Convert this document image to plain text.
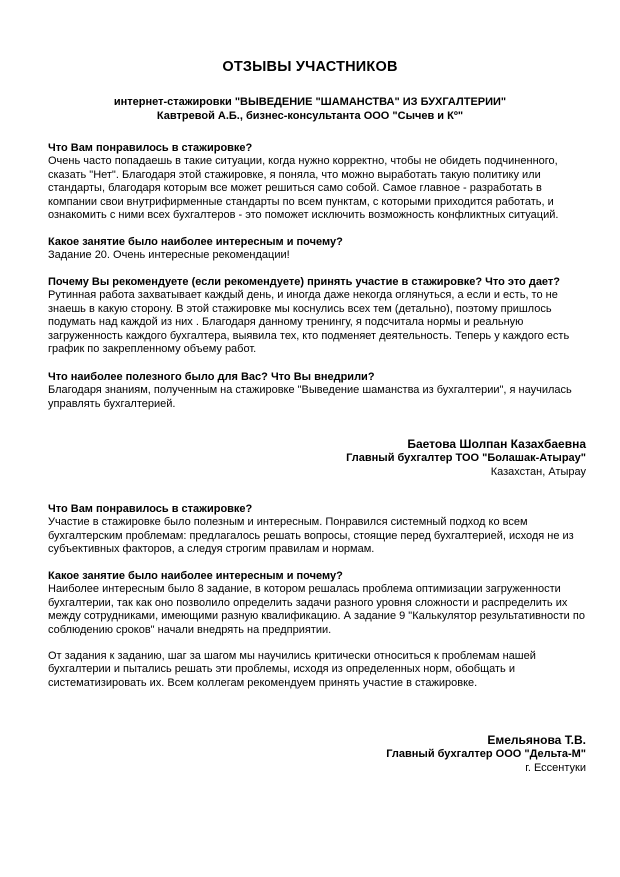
ОТЗЫВЫ УЧАСТНИКОВ
интернет-стажировки "ВЫВЕДЕНИЕ "ШАМАНСТВА" ИЗ БУХГАЛТЕРИИ"
Кавтревой А.Б., бизнес-консультанта ООО "Сычев и Кº"
Что Вам понравилось в стажировке?
Очень часто попадаешь в такие ситуации, когда нужно корректно, чтобы не обидеть подчиненного, сказать "Нет". Благодаря этой стажировке, я поняла, что можно выработать такую политику или стандарты, благодаря которым все может решиться само собой. Самое главное - разработать в компании свои внутрифирменные стандарты по всем пунктам, с которыми приходится работать, и ознакомить с ними всех бухгалтеров - это поможет исключить возможность конфликтных ситуаций.
Какое занятие было наиболее интересным и почему?
Задание 20. Очень интересные рекомендации!
Почему Вы рекомендуете (если рекомендуете) принять участие в стажировке? Что это дает?
Рутинная работа захватывает каждый день, и иногда даже некогда оглянуться, а если и есть, то не знаешь в какую сторону. В этой стажировке мы коснулись всех тем (детально), поэтому пришлось подумать над каждой из них . Благодаря данному тренингу, я подсчитала нормы и реальную загруженность каждого бухгалтера, выявила тех, кто подменяет деятельность. Теперь у каждого есть график по закрепленному объему работ.
Что наиболее полезного было для Вас? Что Вы внедрили?
Благодаря знаниям, полученным на стажировке "Выведение шаманства из бухгалтерии", я научилась управлять бухгалтерией.
Баетова Шолпан Казахбаевна
Главный бухгалтер ТОО "Болашак-Атырау"
Казахстан, Атырау
Что Вам понравилось в стажировке?
Участие в стажировке было полезным и интересным. Понравился системный подход ко всем бухгалтерским проблемам: предлагалось решать вопросы, стоящие перед бухгалтерией, исходя не из субъективных факторов, а следуя строгим правилам и нормам.
Какое занятие было наиболее интересным и почему?
Наиболее интересным было 8 задание, в котором решалась проблема оптимизации загруженности бухгалтерии, так как оно позволило определить задачи разного уровня сложности и распределить их между сотрудниками, имеющими разную квалификацию. А задание 9 "Калькулятор результативности по соблюдению сроков" начали внедрять на предприятии.
От задания к заданию, шаг за шагом мы научились критически относиться к проблемам нашей бухгалтерии и пытались решать эти проблемы, исходя из определенных норм, обобщать и систематизировать их. Всем коллегам рекомендуем принять участие в стажировке.
Емельянова Т.В.
Главный бухгалтер ООО "Дельта-М"
г. Ессентуки
